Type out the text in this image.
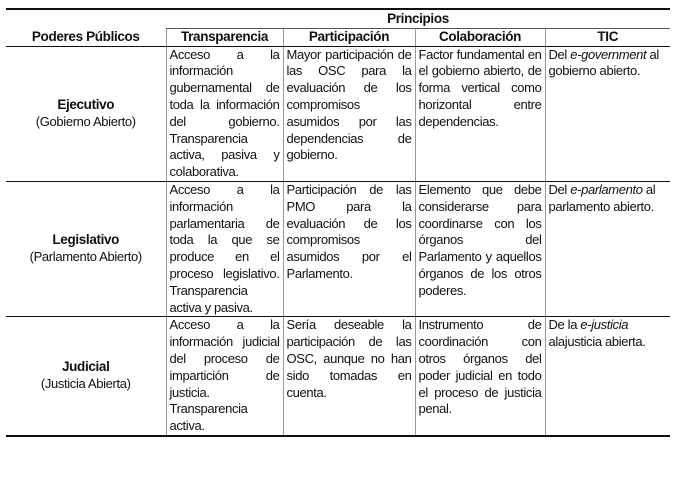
	Principios			
Poderes Públicos	Transparencia	Participación	Colaboración	TIC

Ejecutivo
(Gobierno Abierto)	Acceso a la información gubernamental de toda la información del gobierno. Transparencia activa, pasiva y colaborativa.	Mayor participación de las OSC para la evaluación de los compromisos asumidos por las dependencias de gobierno.	Factor fundamental en el gobierno abierto, de forma vertical como horizontal entre dependencias.	Del e-government al gobierno abierto.

Legislativo
(Parlamento Abierto)	Acceso a la información parlamentaria de toda la que se produce en el proceso legislativo. Transparencia activa y pasiva.	Participación de las PMO para la evaluación de los compromisos asumidos por el Parlamento.	Elemento que debe considerarse para coordinarse con los órganos del Parlamento y aquellos órganos de los otros poderes.	Del e-parlamento al parlamento abierto.

Judicial
(Justicia Abierta)	Acceso a la información judicial del proceso de impartición de justicia. Transparencia activa.	Sería deseable la participación de las OSC, aunque no han sido tomadas en cuenta.	Instrumento de coordinación con otros órganos del poder judicial en todo el proceso de justicia penal.	De la e-justicia alajusticia abierta.
